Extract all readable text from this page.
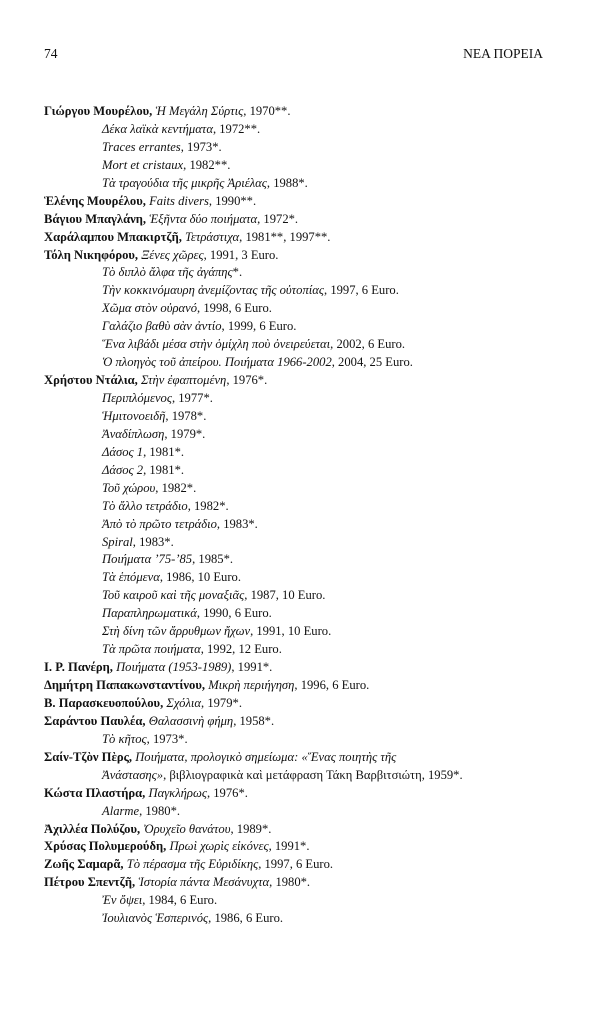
74	ΝΕΑ ΠΟΡΕΙΑ
Γιώργου Μουρέλου, Ἡ Μεγάλη Σύρτις, 1970**.
Δέκα λαϊκὰ κεντήματα, 1972**.
Traces errantes, 1973*.
Mort et cristaux, 1982**.
Τὰ τραγούδια τῆς μικρῆς Ἀριέλας, 1988*.
Ἑλένης Μουρέλου, Faits divers, 1990**.
Βάγιου Μπαγλάνη, Ἑξῆντα δύο ποιήματα, 1972*.
Χαράλαμπου Μπακιρτζῆ, Τετράστιχα, 1981**, 1997**.
Τόλη Νικηφόρου, Ξένες χῶρες, 1991, 3 Euro.
Τὸ διπλὸ ἄλφα τῆς ἀγάπης*.
Τὴν κοκκινόμαυρη ἀνεμίζοντας τῆς οὐτοπίας, 1997, 6 Euro.
Χῶμα στὸν οὐρανό, 1998, 6 Euro.
Γαλάζιο βαθὺ σὰν ἀντίο, 1999, 6 Euro.
Ἕνα λιβάδι μέσα στὴν ὁμίχλη ποὺ ὀνειρεύεται, 2002, 6 Euro.
Ὁ πλοηγὸς τοῦ ἀπείρου. Ποιήματα 1966-2002, 2004, 25 Euro.
Χρήστου Ντάλια, Στὴν ἐφαπτομένη, 1976*.
Περιπλόμενος, 1977*.
Ἡμιτονοειδῆ, 1978*.
Ἀναδίπλωση, 1979*.
Δάσος 1, 1981*.
Δάσος 2, 1981*.
Τοῦ χώρου, 1982*.
Τὸ ἄλλο τετράδιο, 1982*.
Ἀπὸ τὸ πρῶτο τετράδιο, 1983*.
Spiral, 1983*.
Ποιήματα ’75-’85, 1985*.
Τὰ ἑπόμενα, 1986, 10 Euro.
Τοῦ καιροῦ καὶ τῆς μοναξιᾶς, 1987, 10 Euro.
Παραπληρωματικά, 1990, 6 Euro.
Στὴ δίνη τῶν ἄρρυθμων ἤχων, 1991, 10 Euro.
Τὰ πρῶτα ποιήματα, 1992, 12 Euro.
Ι. Ρ. Πανέρη, Ποιήματα (1953-1989), 1991*.
Δημήτρη Παπακωνσταντίνου, Μικρὴ περιήγηση, 1996, 6 Euro.
Β. Παρασκευοπούλου, Σχόλια, 1979*.
Σαράντου Παυλέα, Θαλασσινὴ φήμη, 1958*.
Τὸ κῆτος, 1973*.
Σαίν-Τζὸν Πὲρς, Ποιήματα, προλογικὸ σημείωμα: «Ἕνας ποιητὴς τῆς
Ἀνάστασης», βιβλιογραφικὰ καὶ μετάφραση Τάκη Βαρβιτσιώτη, 1959*.
Κώστα Πλαστήρα, Παγκλήρως, 1976*.
Alarme, 1980*.
Ἀχιλλέα Πολύζου, Ὀρυχεῖο θανάτου, 1989*.
Χρύσας Πολυμερούδη, Πρωὶ χωρὶς εἰκόνες, 1991*.
Ζωῆς Σαμαρᾶ, Τὸ πέρασμα τῆς Εὐριδίκης, 1997, 6 Euro.
Πέτρου Σπεντζῆ, Ἱστορία πάντα Μεσάνυχτα, 1980*.
Ἐν ὄψει, 1984, 6 Euro.
Ἰουλιανὸς Ἑσπερινός, 1986, 6 Euro.
